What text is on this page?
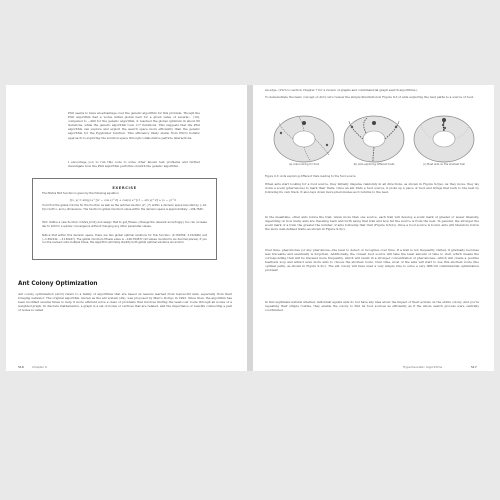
PSO seems to have an advantage over the genetic algorithm for this problem. Though the PSO algorithm had a worse initial global best for a given value of several... (10), compared to ~400 for the genetic algorithm, it reached the global optimum in about 60 iterations, while the genetic algorithm took 117 iterations. This suggests that the PSO algorithm can explore and exploit the search space more efficiently than the genetic algorithm for the Eggholder function. This efficiency likely stems from PSO's holistic approach to exploring the solution space through collaborative particle interactions.

I encourage you to run this code to solve other known test problems and further investigate how the PSO algorithm performs on/with the genetic algorithm.

EXERCISE

The Mishra Bird function is given by the following equation:

f(x, y) = sin(y) e^[(1 − cos x)^2] + cos(x) e^[(1 − sin y)^2] + (x − y)^2

You'll find the global minima for the function as well as the optimal solution (x*, y*) within a decision space bounded by [−10, 0] in both x- and y-dimensions. The function's global minimum value within the decision space is approximately −106.7645.

Hint: Define a new function mishra_bird() and assign that to get_fitness. (Change the relevant accordingly.) You can increase iter to 100 for a quicker convergence without changing any other parameter values.

Notice that within this decision space, there are two global optimal solutions for this function: (4.701056, 3.152946) and (−1.582142, −3.130247). The global minimum fitness value is −106.764537 (all values rounded to six decimal places). If you run the revised code multiple times, the algorithm will likely identify both global optimal solutions at random.

Ant Colony Optimization

Ant colony optimization (ACO) refers to a family of algorithms that are based on lessons learned from real-world ants, especially from their foraging behavior. The original algorithm, known as the ant system (AS), was proposed by Marco Dorigo in 1992. Since then, the algorithm has been modified several times to help it more efficient solve a class of problems that involves finding the least-cost route through all nodes of a weighted graph. In discrete mathematics, a graph is a set of nodes or vertices that are related, and the importance or real-life connecting a pair of nodes is called

516	Chapter 9
an edge. (Turn to section Chapter 7 for a review of graphs and combinatorial graph search algorithms.)

To demonstrate the basic concept of ACO, let's review the simple illustration in Figure 9-3 of ants exploring the best paths to a source of food.

(a) Ants looking for food	(b) Ants exploring different trails	(c) Most ants on the shortest trail
Figure 9-3: Ants exploring different trails leading to the food source

When ants start looking for a food source, they initially disperse randomly in all directions, as shown in Figure 9-3(a). As they move, they lay down a scent (pheromone) to mark their trails. Once an ant finds a food source, it picks up a piece of food and brings that back to the nest by following its own track. It also lays down more pheromones as it returns to the nest.

In the meantime, other ants notice the trail. Given more than one source, each trail will develop a scent mark of greater or lesser intensity, depending on how many ants are traveling back and forth along that trail and how far the source is from the nest. In general, the stronger the scent mark of a trail, the greater the number of ants following that trail (Figure 9-3(b)). Once a food source is found, ants will therefore follow the more well-defined trails, as shown in Figure 9-3(c).

Over time, pheromones (or any pheromone—the level to detect or recognize over time. If a trail is not frequently visited, it gradually becomes less traceable and eventually is forgotten. Additionally, the closest food source will take the least amount of time to visit, which means the corresponding trail will be traveled more frequently, which will result in a stronger concentration of pheromones—which will create a positive feedback loop and attract even more ants to choose the shortest route. Over time, most of the ants will start to use this shortest route (the optimal path), as shown in Figure 9-3(c). The ant colony will have used a very simple rule to solve a very difficult combinatorial optimization problem!

In this legitimate natural whether, individual agents ants do not have any idea about the impact of their actions on the entire colony. And you're repeating their simple routine, they enable the colony to find its food sources as efficiently as if the whole search process were centrally coordinated.

Hyperheuristic Algorithms	517
